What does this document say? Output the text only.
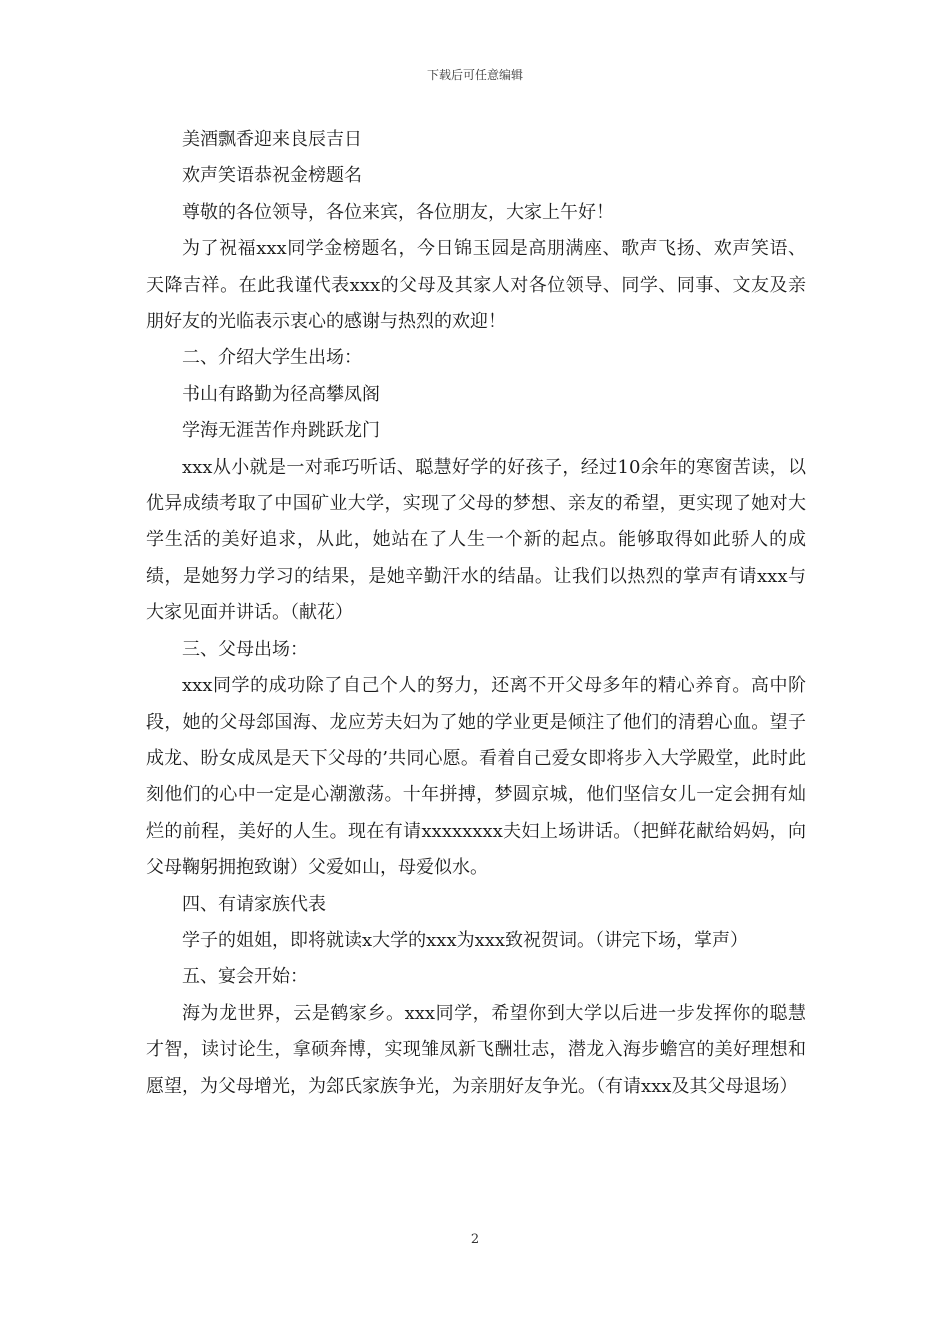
下载后可任意编辑

美酒飘香迎来良辰吉日

欢声笑语恭祝金榜题名

尊敬的各位领导，各位来宾，各位朋友，大家上午好！

为了祝福xxx同学金榜题名，今日锦玉园是高朋满座、歌声飞扬、欢声笑语、天降吉祥。在此我谨代表xxx的父母及其家人对各位领导、同学、同事、文友及亲朋好友的光临表示衷心的感谢与热烈的欢迎！

二、介绍大学生出场：

书山有路勤为径高攀凤阁

学海无涯苦作舟跳跃龙门

xxx从小就是一对乖巧听话、聪慧好学的好孩子，经过10余年的寒窗苦读，以优异成绩考取了中国矿业大学，实现了父母的梦想、亲友的希望，更实现了她对大学生活的美好追求，从此，她站在了人生一个新的起点。能够取得如此骄人的成绩，是她努力学习的结果，是她辛勤汗水的结晶。让我们以热烈的掌声有请xxx与大家见面并讲话。（献花）

三、父母出场：

xxx同学的成功除了自己个人的努力，还离不开父母多年的精心养育。高中阶段，她的父母郐国海、龙应芳夫妇为了她的学业更是倾注了他们的清碧心血。望子成龙、盼女成凤是天下父母的’共同心愿。看着自己爱女即将步入大学殿堂，此时此刻他们的心中一定是心潮激荡。十年拼搏，梦圆京城，他们坚信女儿一定会拥有灿烂的前程，美好的人生。现在有请xxxxxxxx夫妇上场讲话。（把鲜花献给妈妈，向父母鞠躬拥抱致谢）父爱如山，母爱似水。

四、有请家族代表

学子的姐姐，即将就读x大学的xxx为xxx致祝贺词。（讲完下场，掌声）

五、宴会开始：

海为龙世界，云是鹤家乡。xxx同学，希望你到大学以后进一步发挥你的聪慧才智，读讨论生，拿硕奔博，实现雏凤新飞酬壮志，潜龙入海步蟾宫的美好理想和愿望，为父母增光，为郐氏家族争光，为亲朋好友争光。（有请xxx及其父母退场）

2
